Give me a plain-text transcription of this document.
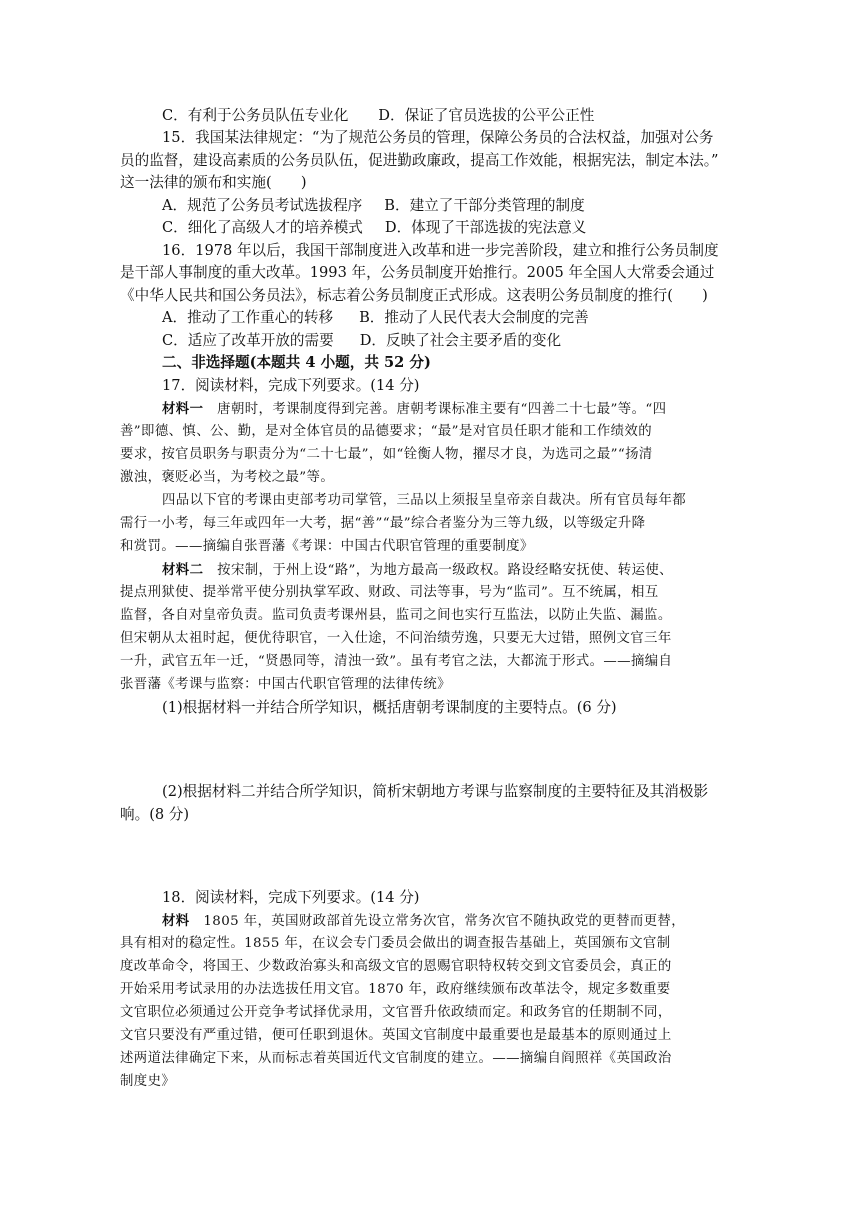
C．有利于公务员队伍专业化 D．保证了官员选拔的公平公正性
15．我国某法律规定：“为了规范公务员的管理，保障公务员的合法权益，加强对公务
员的监督，建设高素质的公务员队伍，促进勤政廉政，提高工作效能，根据宪法，制定本法。”
这一法律的颁布和实施(　　)
A．规范了公务员考试选拔程序 B．建立了干部分类管理的制度
C．细化了高级人才的培养模式 D．体现了干部选拔的宪法意义
16．1978 年以后，我国干部制度进入改革和进一步完善阶段，建立和推行公务员制度
是干部人事制度的重大改革。1993 年，公务员制度开始推行。2005 年全国人大常委会通过
《中华人民共和国公务员法》，标志着公务员制度正式形成。这表明公务员制度的推行(　　)
A．推动了工作重心的转移 B．推动了人民代表大会制度的完善
C．适应了改革开放的需要 D．反映了社会主要矛盾的变化
二、非选择题(本题共 4 小题，共 52 分)
17．阅读材料，完成下列要求。(14 分)
材料一　唐朝时，考课制度得到完善。唐朝考课标准主要有“四善二十七最”等。“四
善”即德、慎、公、勤，是对全体官员的品德要求；“最”是对官员任职才能和工作绩效的
要求，按官员职务与职责分为“二十七最”，如“铨衡人物，擢尽才良，为选司之最”“扬清
激浊，褒贬必当，为考校之最”等。
四品以下官的考课由吏部考功司掌管，三品以上须报呈皇帝亲自裁决。所有官员每年都
需行一小考，每三年或四年一大考，据“善”“最”综合者鉴分为三等九级，以等级定升降
和赏罚。——摘编自张晋藩《考课：中国古代职官管理的重要制度》
材料二　按宋制，于州上设“路”，为地方最高一级政权。路设经略安抚使、转运使、
提点刑狱使、提举常平使分别执掌军政、财政、司法等事，号为“监司”。互不统属，相互
监督，各自对皇帝负责。监司负责考课州县，监司之间也实行互监法，以防止失监、漏监。
但宋朝从太祖时起，便优待职官，一入仕途，不问治绩劳逸，只要无大过错，照例文官三年
一升，武官五年一迁，“贤愚同等，清浊一致”。虽有考官之法，大都流于形式。——摘编自
张晋藩《考课与监察：中国古代职官管理的法律传统》
(1)根据材料一并结合所学知识，概括唐朝考课制度的主要特点。(6 分)
(2)根据材料二并结合所学知识，简析宋朝地方考课与监察制度的主要特征及其消极影
响。(8 分)
18．阅读材料，完成下列要求。(14 分)
材料　1805 年，英国财政部首先设立常务次官，常务次官不随执政党的更替而更替，
具有相对的稳定性。1855 年，在议会专门委员会做出的调查报告基础上，英国颁布文官制
度改革命令，将国王、少数政治寡头和高级文官的恩赐官职特权转交到文官委员会，真正的
开始采用考试录用的办法选拔任用文官。1870 年，政府继续颁布改革法令，规定多数重要
文官职位必须通过公开竞争考试择优录用，文官晋升依政绩而定。和政务官的任期制不同，
文官只要没有严重过错，便可任职到退休。英国文官制度中最重要也是最基本的原则通过上
述两道法律确定下来，从而标志着英国近代文官制度的建立。——摘编自阎照祥《英国政治
制度史》
